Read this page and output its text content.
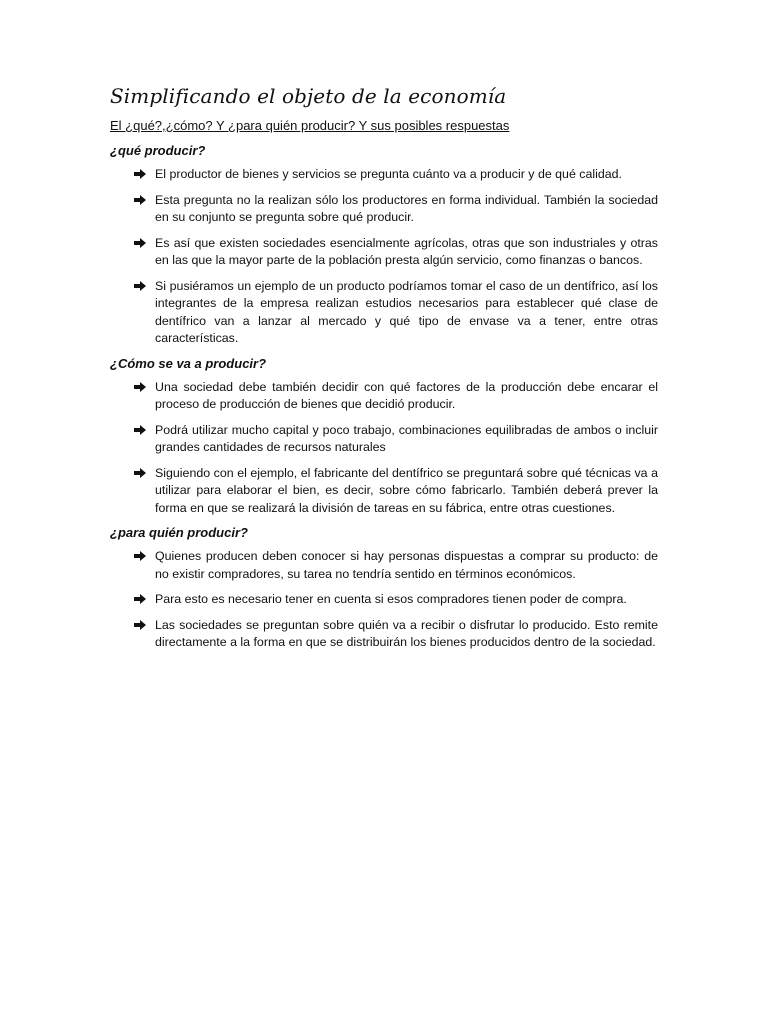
Simplificando el objeto de la economía

El ¿qué?,¿cómo? Y ¿para quién producir? Y sus posibles respuestas

¿qué producir?

El productor de bienes y servicios se pregunta cuánto va a producir y de qué calidad.
Esta pregunta no la realizan sólo los productores en forma individual. También la sociedad en su conjunto se pregunta sobre qué producir.
Es así que existen sociedades esencialmente agrícolas, otras que son industriales y otras en las que la mayor parte de la población presta algún servicio, como finanzas o bancos.
Si pusiéramos un ejemplo de un producto podríamos tomar el caso de un dentífrico, así los integrantes de la empresa realizan estudios necesarios para establecer qué clase de dentífrico van a lanzar al mercado y qué tipo de envase va a tener, entre otras características.

¿Cómo se va a producir?

Una sociedad debe también decidir con qué factores de la producción debe encarar el proceso de producción de bienes que decidió producir.
Podrá utilizar mucho capital y poco trabajo, combinaciones equilibradas de ambos o incluir grandes cantidades de recursos naturales
Siguiendo con el ejemplo, el fabricante del dentífrico se preguntará sobre qué técnicas va a utilizar para elaborar el bien, es decir, sobre cómo fabricarlo. También deberá prever la forma en que se realizará la división de tareas en su fábrica, entre otras cuestiones.

¿para quién producir?

Quienes producen deben conocer si hay personas dispuestas a comprar su producto: de no existir compradores, su tarea no tendría sentido en términos económicos.
Para esto es necesario tener en cuenta si esos compradores tienen poder de compra.
Las sociedades se preguntan sobre quién va a recibir o disfrutar lo producido. Esto remite directamente a la forma en que se distribuirán los bienes producidos dentro de la sociedad.
